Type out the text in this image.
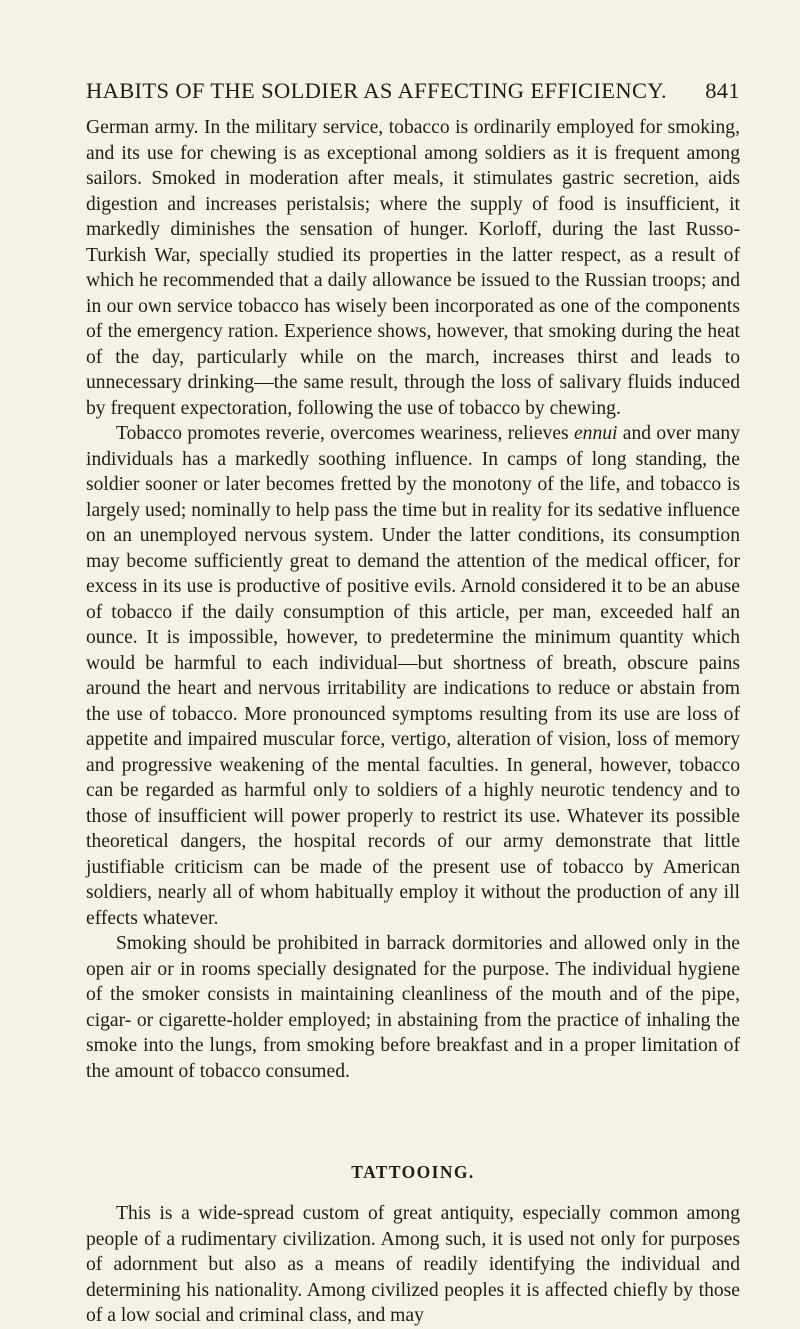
HABITS OF THE SOLDIER AS AFFECTING EFFICIENCY. 841

German army. In the military service, tobacco is ordinarily employed for smoking, and its use for chewing is as exceptional among soldiers as it is frequent among sailors. Smoked in moderation after meals, it stimulates gastric secretion, aids digestion and increases peristalsis; where the supply of food is insufficient, it markedly diminishes the sensation of hunger. Korloff, during the last Russo-Turkish War, specially studied its properties in the latter respect, as a result of which he recommended that a daily allowance be issued to the Russian troops; and in our own service tobacco has wisely been incorporated as one of the components of the emergency ration. Experience shows, however, that smoking during the heat of the day, particularly while on the march, increases thirst and leads to unnecessary drinking—the same result, through the loss of salivary fluids induced by frequent expectoration, following the use of tobacco by chewing.

Tobacco promotes reverie, overcomes weariness, relieves ennui and over many individuals has a markedly soothing influence. In camps of long standing, the soldier sooner or later becomes fretted by the monotony of the life, and tobacco is largely used; nominally to help pass the time but in reality for its sedative influence on an unemployed nervous system. Under the latter conditions, its consumption may become sufficiently great to demand the attention of the medical officer, for excess in its use is productive of positive evils. Arnold considered it to be an abuse of tobacco if the daily consumption of this article, per man, exceeded half an ounce. It is impossible, however, to predetermine the minimum quantity which would be harmful to each individual—but shortness of breath, obscure pains around the heart and nervous irritability are indications to reduce or abstain from the use of tobacco. More pronounced symptoms resulting from its use are loss of appetite and impaired muscular force, vertigo, alteration of vision, loss of memory and progressive weakening of the mental faculties. In general, however, tobacco can be regarded as harmful only to soldiers of a highly neurotic tendency and to those of insufficient will power properly to restrict its use. Whatever its possible theoretical dangers, the hospital records of our army demonstrate that little justifiable criticism can be made of the present use of tobacco by American soldiers, nearly all of whom habitually employ it without the production of any ill effects whatever.

Smoking should be prohibited in barrack dormitories and allowed only in the open air or in rooms specially designated for the purpose. The individual hygiene of the smoker consists in maintaining cleanliness of the mouth and of the pipe, cigar- or cigarette-holder employed; in abstaining from the practice of inhaling the smoke into the lungs, from smoking before breakfast and in a proper limitation of the amount of tobacco consumed.

TATTOOING.

This is a wide-spread custom of great antiquity, especially common among people of a rudimentary civilization. Among such, it is used not only for purposes of adornment but also as a means of readily identifying the individual and determining his nationality. Among civilized peoples it is affected chiefly by those of a low social and criminal class, and may
